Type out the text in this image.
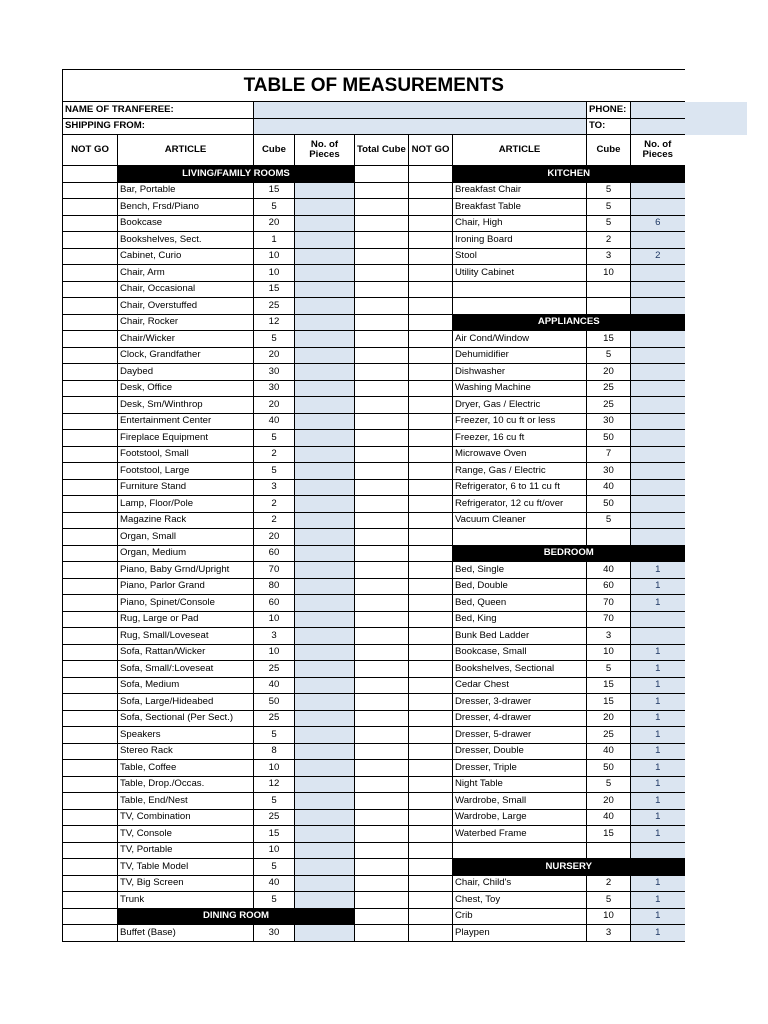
TABLE OF MEASUREMENTS								
NAME OF TRANFEREE:							PHONE:	
SHIPPING FROM:							TO:	
NOT GO	ARTICLE	Cube	No. of Pieces	Total Cube	NOT GO	ARTICLE	Cube	No. of Pieces
	LIVING/FAMILY ROOMS					KITCHEN		
	Bar, Portable	15				Breakfast Chair	5	
	Bench, Frsd/Piano	5				Breakfast Table	5	
	Bookcase	20				Chair, High	5	6
	Bookshelves, Sect.	1				Ironing Board	2	
	Cabinet, Curio	10				Stool	3	2
	Chair, Arm	10				Utility Cabinet	10	
	Chair, Occasional	15						
	Chair, Overstuffed	25						
	Chair, Rocker	12				APPLIANCES		
	Chair/Wicker	5				Air Cond/Window	15	
	Clock, Grandfather	20				Dehumidifier	5	
	Daybed	30				Dishwasher	20	
	Desk, Office	30				Washing Machine	25	
	Desk, Sm/Winthrop	20				Dryer, Gas / Electric	25	
	Entertainment Center	40				Freezer, 10 cu ft or less	30	
	Fireplace Equipment	5				Freezer, 16 cu ft	50	
	Footstool, Small	2				Microwave Oven	7	
	Footstool, Large	5				Range, Gas / Electric	30	
	Furniture Stand	3				Refrigerator, 6 to 11 cu ft	40	
	Lamp, Floor/Pole	2				Refrigerator, 12 cu ft/over	50	
	Magazine Rack	2				Vacuum Cleaner	5	
	Organ, Small	20						
	Organ, Medium	60				BEDROOM		
	Piano, Baby Grnd/Upright	70				Bed, Single	40	1
	Piano, Parlor Grand	80				Bed, Double	60	1
	Piano, Spinet/Console	60				Bed, Queen	70	1
	Rug, Large or Pad	10				Bed, King	70	
	Rug, Small/Loveseat	3				Bunk Bed Ladder	3	
	Sofa, Rattan/Wicker	10				Bookcase, Small	10	1
	Sofa, Small/:Loveseat	25				Bookshelves, Sectional	5	1
	Sofa, Medium	40				Cedar Chest	15	1
	Sofa, Large/Hideabed	50				Dresser, 3-drawer	15	1
	Sofa, Sectional (Per Sect.)	25				Dresser, 4-drawer	20	1
	Speakers	5				Dresser, 5-drawer	25	1
	Stereo Rack	8				Dresser, Double	40	1
	Table, Coffee	10				Dresser, Triple	50	1
	Table, Drop./Occas.	12				Night Table	5	1
	Table, End/Nest	5				Wardrobe, Small	20	1
	TV, Combination	25				Wardrobe, Large	40	1
	TV, Console	15				Waterbed Frame	15	1
	TV, Portable	10						
	TV, Table Model	5				NURSERY		
	TV, Big Screen	40				Chair, Child's	2	1
	Trunk	5				Chest, Toy	5	1
	DINING ROOM					Crib	10	1
	Buffet (Base)	30				Playpen	3	1
